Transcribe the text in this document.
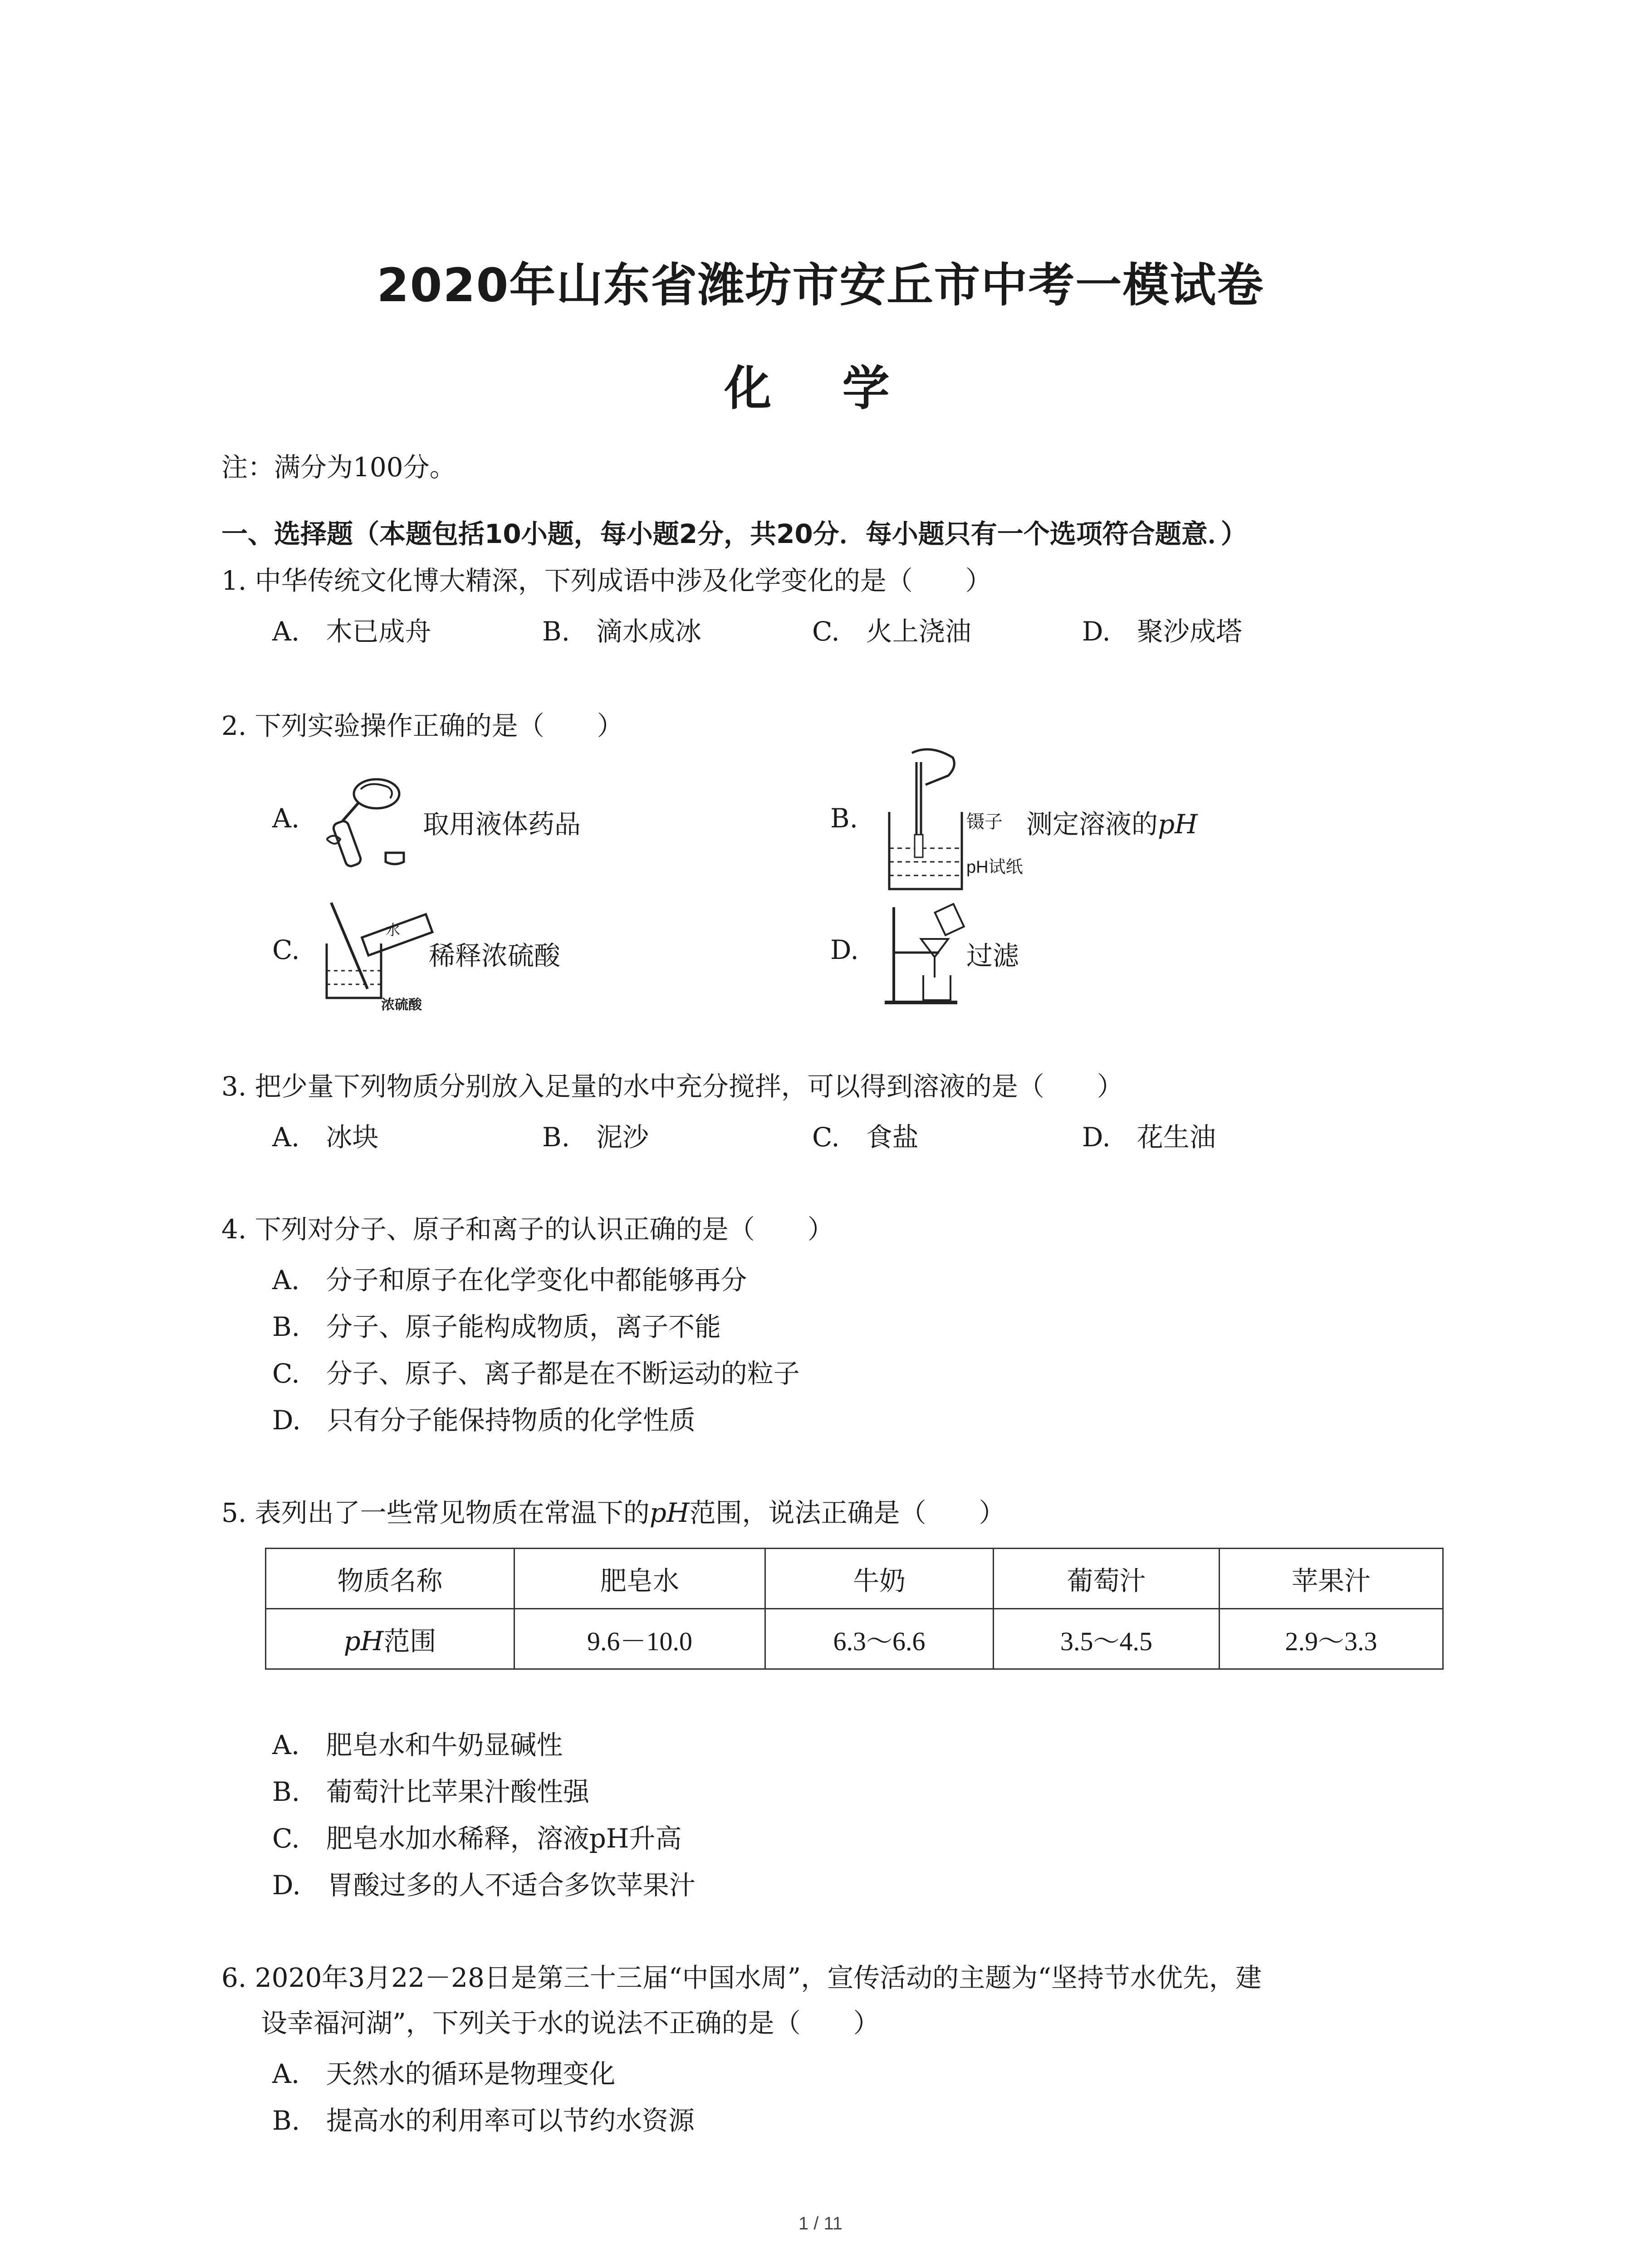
2020年山东省潍坊市安丘市中考一模试卷
化 学
注：满分为100分。
一、选择题（本题包括10小题，每小题2分，共20分．每小题只有一个选项符合题意．）
1. 中华传统文化博大精深，下列成语中涉及化学变化的是（　　）
A.　木已成舟	B.　滴水成冰	C.　火上浇油	D.　聚沙成塔
2. 下列实验操作正确的是（　　）
A.	取用液体药品	B.	镊子
pH试纸
测定溶液的pH
C.
水
浓硫酸
稀释浓硫酸	D.	过滤
3. 把少量下列物质分别放入足量的水中充分搅拌，可以得到溶液的是（　　）
A.　冰块	B.　泥沙	C.　食盐	D.　花生油
4. 下列对分子、原子和离子的认识正确的是（　　）
A.　分子和原子在化学变化中都能够再分
B.　分子、原子能构成物质，离子不能
C.　分子、原子、离子都是在不断运动的粒子
D.　只有分子能保持物质的化学性质
5. 表列出了一些常见物质在常温下的pH范围，说法正确是（　　）
物质名称	肥皂水	牛奶	葡萄汁	苹果汁
pH范围	9.6－10.0	6.3～6.6	3.5～4.5	2.9～3.3
A.　肥皂水和牛奶显碱性
B.　葡萄汁比苹果汁酸性强
C.　肥皂水加水稀释，溶液pH升高
D.　胃酸过多的人不适合多饮苹果汁
6. 2020年3月22－28日是第三十三届“中国水周”，宣传活动的主题为“坚持节水优先，建
设幸福河湖”，下列关于水的说法不正确的是（　　）
A.　天然水的循环是物理变化
B.　提高水的利用率可以节约水资源
1 / 11
